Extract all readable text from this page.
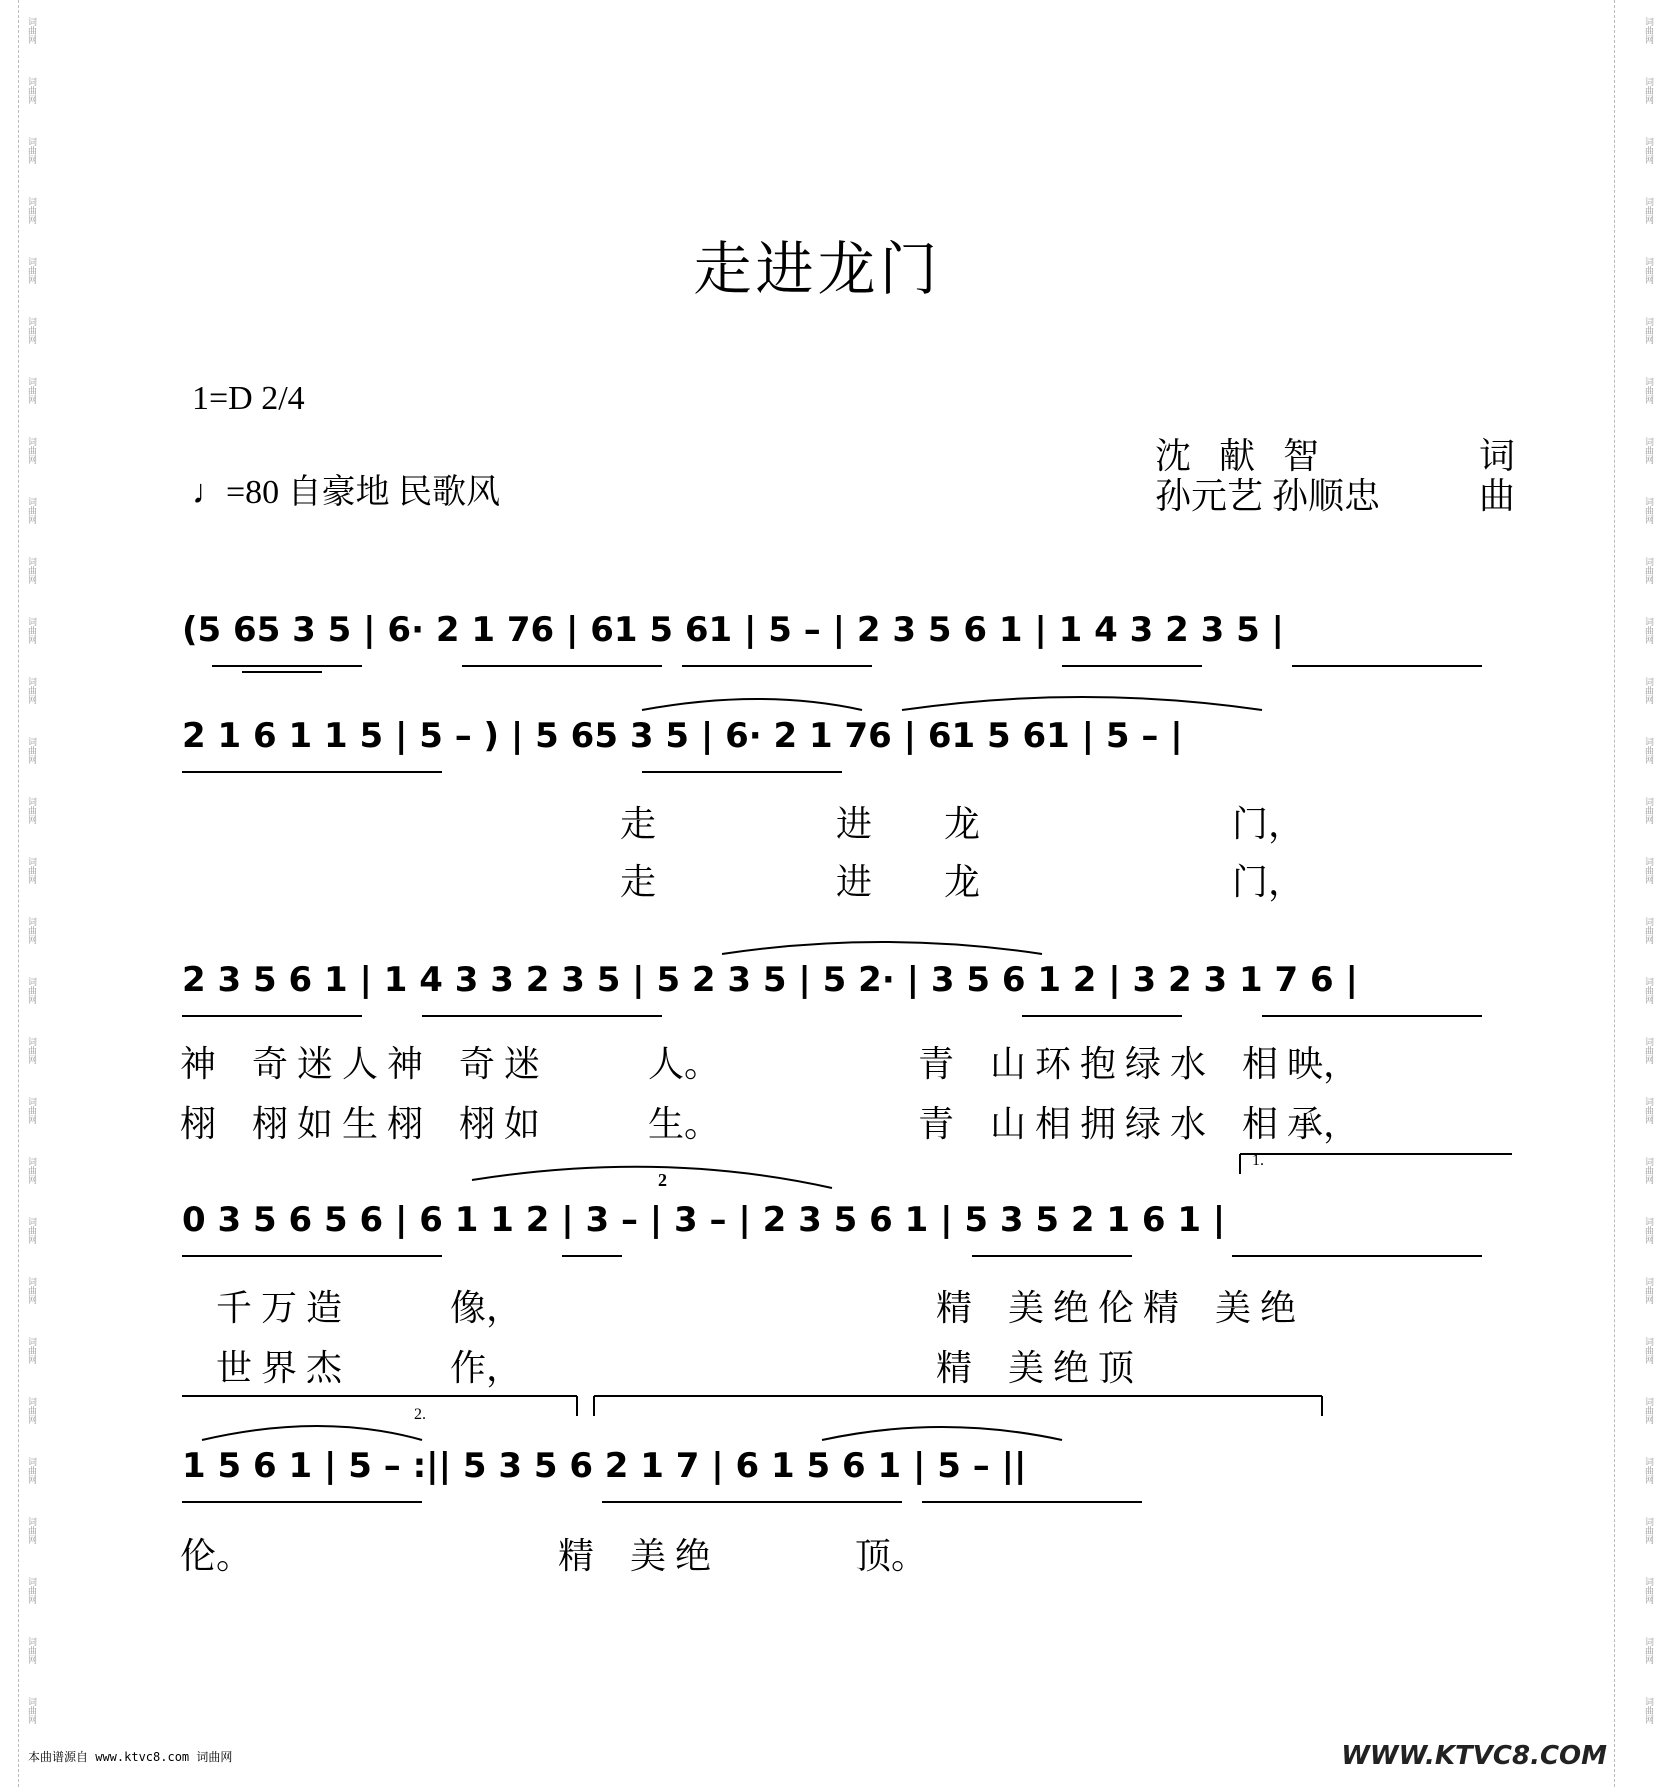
词曲网
词曲网
词曲网
词曲网
词曲网
词曲网
词曲网
词曲网
词曲网
词曲网
词曲网
词曲网
词曲网
词曲网
词曲网
词曲网
词曲网
词曲网
词曲网
词曲网
词曲网
词曲网
词曲网
词曲网
词曲网
词曲网
词曲网
词曲网
词曲网
词曲网
词曲网
词曲网
词曲网
词曲网
词曲网
词曲网
词曲网
词曲网
词曲网
词曲网
词曲网
词曲网
词曲网
词曲网
词曲网
词曲网
词曲网
词曲网
词曲网
词曲网
词曲网
词曲网
词曲网
词曲网
词曲网
词曲网
词曲网
词曲网
走进龙门
1=D 2/4
♩=80 自豪地 民歌风
沈献智	词
孙元艺 孙顺忠	曲
(5 65 3 5 | 6· 2 1 76 | 61 5 61 | 5 – | 2 3 5 6 1 | 1 4 3 2 3 5 |
2 1 6 1 1 5 | 5 – ) | 5 65 3 5 | 6· 2 1 76 | 61 5 61 | 5 – |
走　　　　　进　　龙　　　　　　　门，
走　　　　　进　　龙　　　　　　　门，
2 3 5 6 1 | 1 4 3 3 2 3 5 | 5 2 3 5 | 5 2· | 3 5 6 1 2 | 3 2 3 1 7 6 |
神　奇 迷 人 神　奇 迷　　　人。　　　　　　青　山 环 抱 绿 水　相 映，
栩　栩 如 生 栩　栩 如　　　生。　　　　　　青　山 相 拥 绿 水　相 承，
0 3 5 6 5 6 | 6 1 1 2 | 3 – | 3 – | 2 3 5 6 1 | 5 3 5 2 1 6 1 |
1.
2
　千 万 造　　　像，　　　　　　　　　　　　精　美 绝 伦 精　美 绝
　世 界 杰　　　作，　　　　　　　　　　　　精　美 绝 顶
1 5 6 1 | 5 – :|| 5 3 5 6 2 1 7 | 6 1 5 6 1 | 5 – ||
2.
伦。　　　　　　　　　精　美 绝　　　　顶。
本曲谱源自 www.ktvc8.com 词曲网	WWW.KTVC8.COM
